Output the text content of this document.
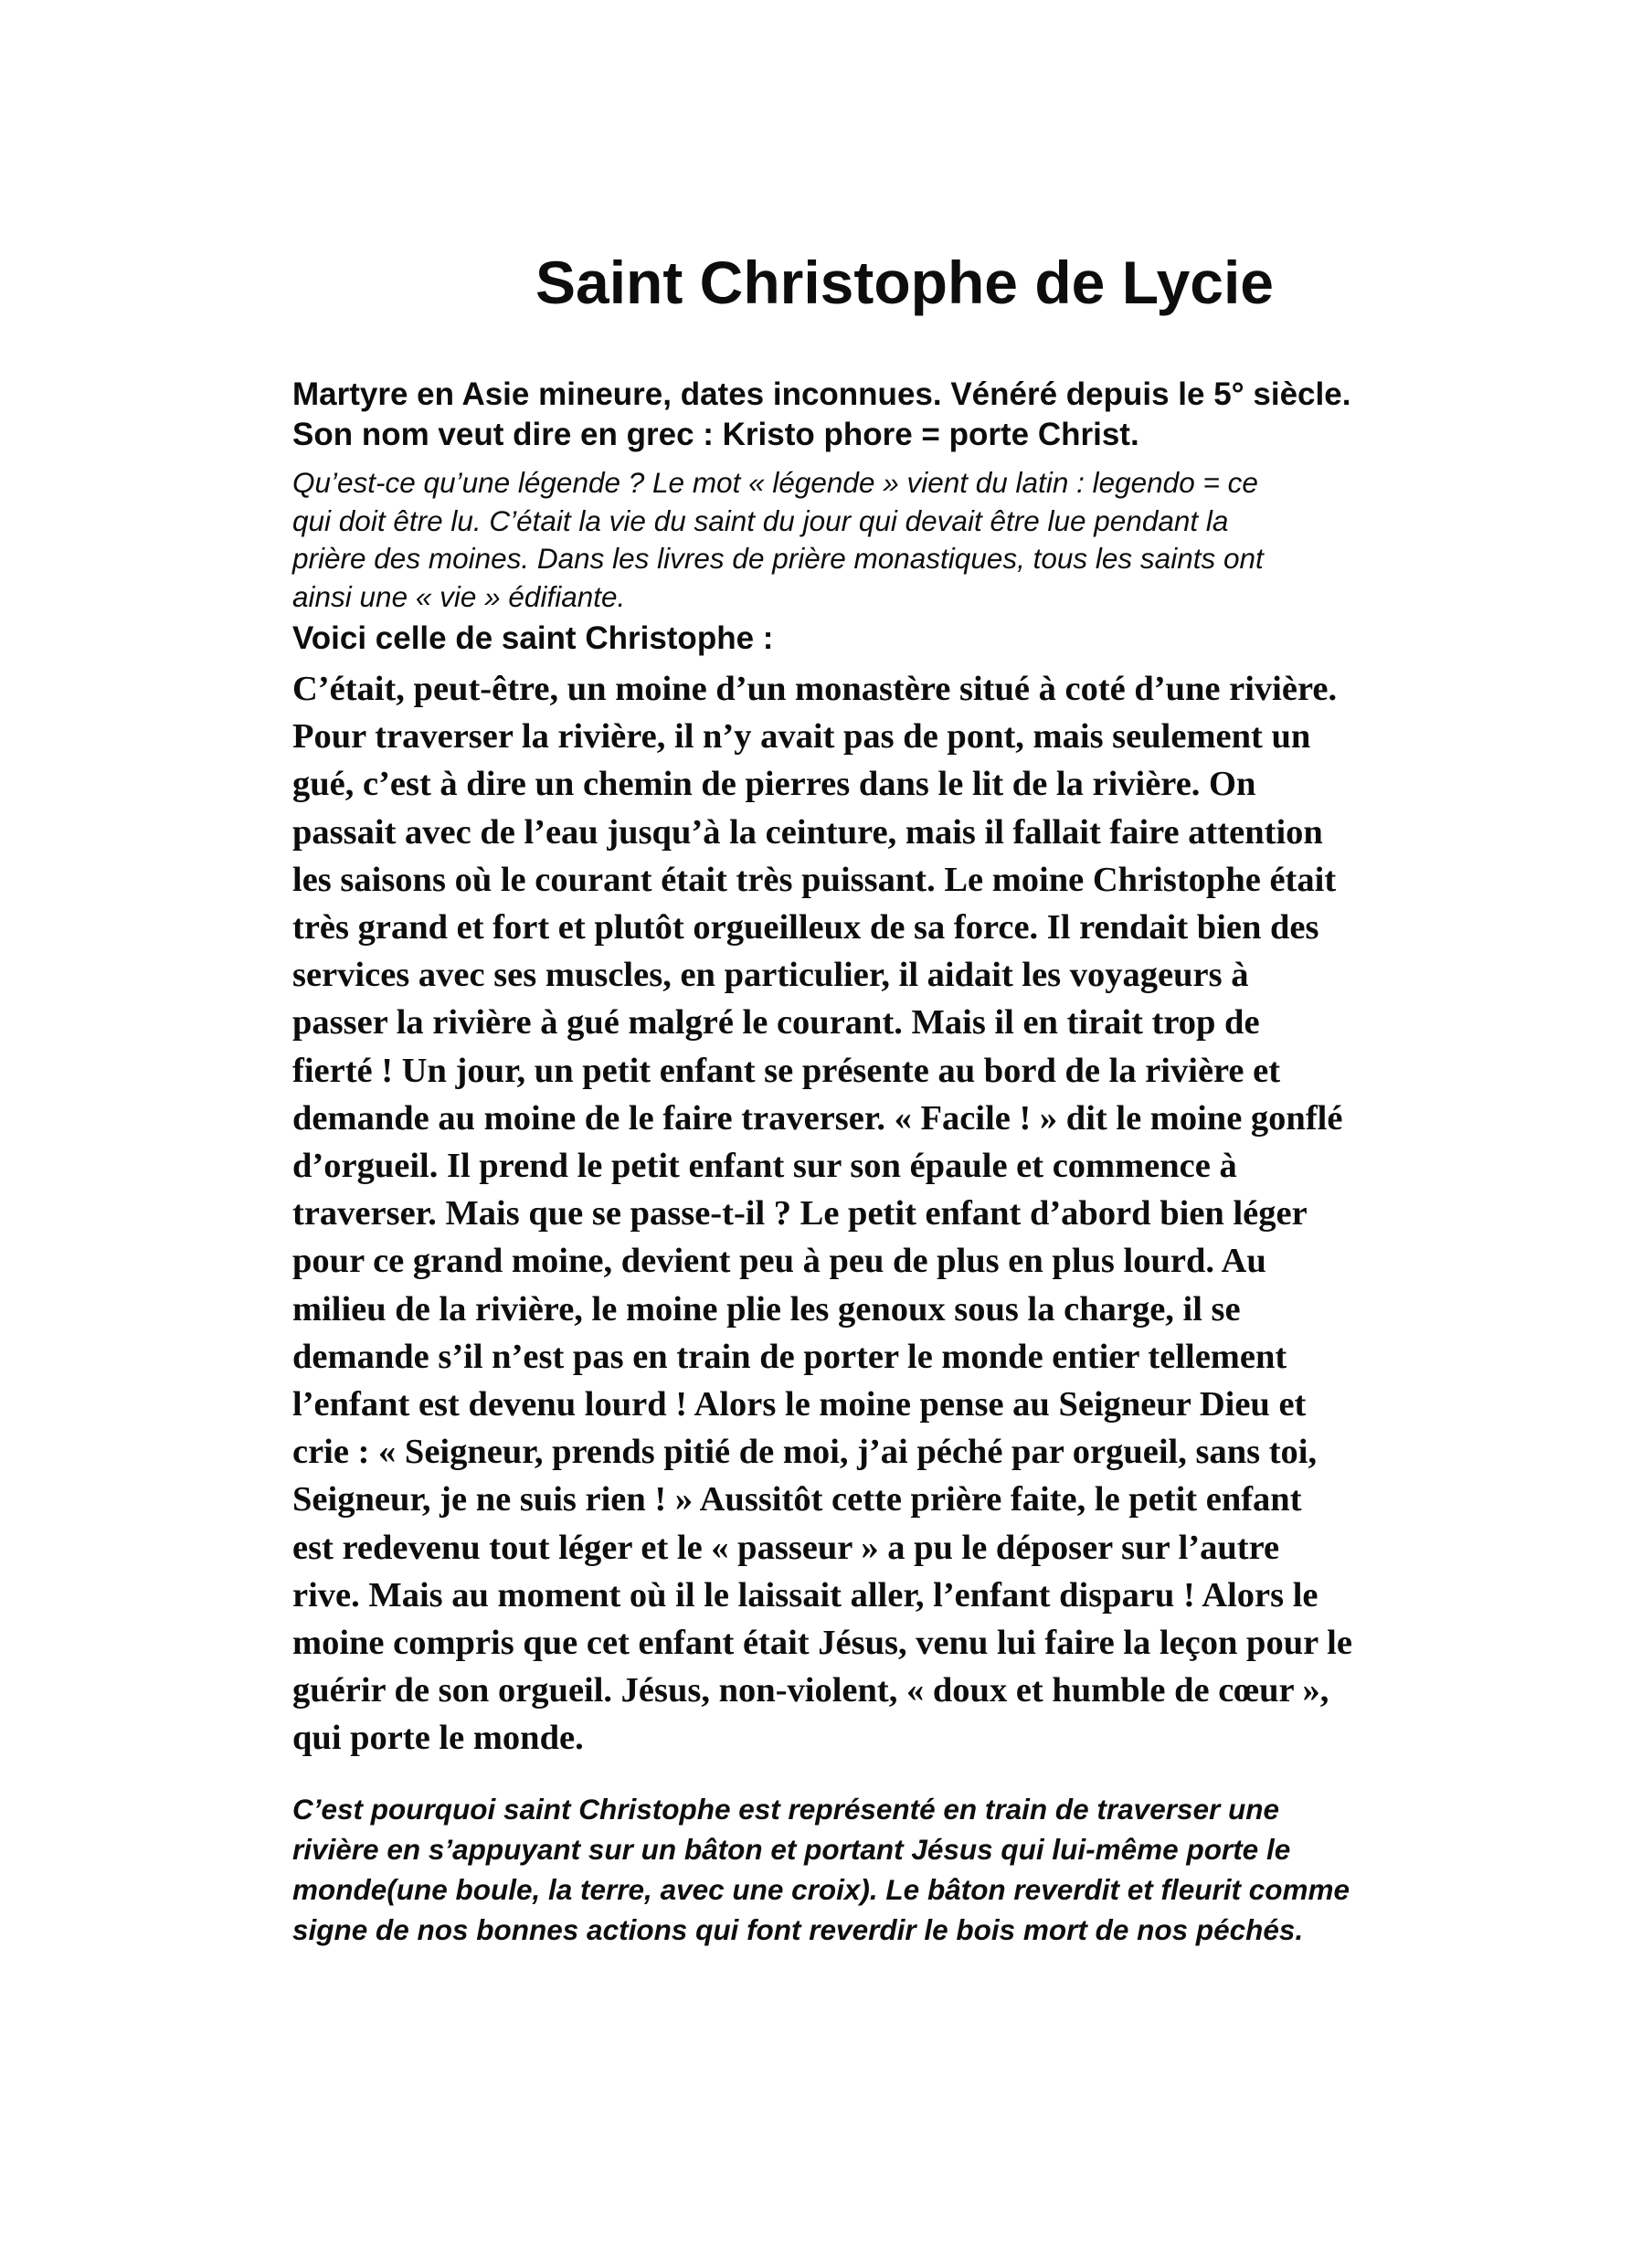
Saint Christophe de Lycie
Martyre en Asie mineure, dates inconnues. Vénéré depuis le 5° siècle.
Son nom veut dire en grec : Kristo phore = porte Christ.
Qu’est-ce qu’une légende ? Le mot « légende » vient du latin : legendo = ce
qui doit être lu. C’était la vie du saint du jour qui devait être lue pendant la
prière des moines. Dans les livres de prière monastiques, tous les saints ont
ainsi une « vie » édifiante.
Voici celle de saint Christophe :
C’était, peut-être, un moine d’un monastère situé à coté d’une rivière.
Pour traverser la rivière, il n’y avait pas de pont, mais seulement un
gué, c’est à dire un chemin de pierres dans le lit de la rivière. On
passait avec de l’eau jusqu’à la ceinture, mais il fallait faire attention
les saisons où le courant était très puissant. Le moine Christophe était
très grand et fort et plutôt orgueilleux de sa force. Il rendait bien des
services avec ses muscles, en particulier, il aidait les voyageurs à
passer la rivière à gué malgré le courant. Mais il en tirait trop de
fierté ! Un jour, un petit enfant se présente au bord de la rivière et
demande au moine de le faire traverser. « Facile ! » dit le moine gonflé
d’orgueil. Il prend le petit enfant sur son épaule et commence à
traverser. Mais que se passe-t-il ? Le petit enfant d’abord bien léger
pour ce grand moine, devient peu à peu de plus en plus lourd. Au
milieu de la rivière, le moine plie les genoux sous la charge, il se
demande s’il n’est pas en train de porter le monde entier tellement
l’enfant est devenu lourd ! Alors le moine pense au Seigneur Dieu et
crie : « Seigneur, prends pitié de moi, j’ai péché par orgueil, sans toi,
Seigneur, je ne suis rien ! » Aussitôt cette prière faite, le petit enfant
est redevenu tout léger et le « passeur » a pu le déposer sur l’autre
rive. Mais au moment où il le laissait aller, l’enfant disparu ! Alors le
moine compris que cet enfant était Jésus, venu lui faire la leçon pour le
guérir de son orgueil. Jésus, non-violent, « doux et humble de cœur »,
qui porte le monde.
C’est pourquoi saint Christophe est représenté en train de traverser une
rivière en s’appuyant sur un bâton et portant Jésus qui lui-même porte le
monde(une boule, la terre, avec une croix). Le bâton reverdit et fleurit comme
signe de nos bonnes actions qui font reverdir le bois mort de nos péchés.
